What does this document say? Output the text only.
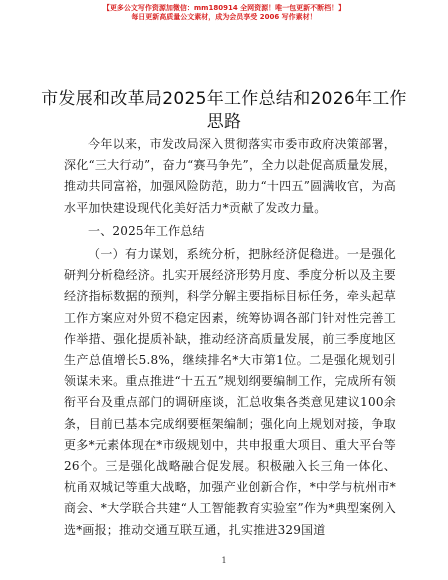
【更多公文写作资源加微信：mm180914 全网资源！唯一包更新不断档！】
每日更新高质量公文素材，成为会员享受 2006 写作素材！
市发展和改革局2025年工作总结和2026年工作思路

今年以来，市发改局深入贯彻落实市委市政府决策部署，深化“三大行动”，奋力“赛马争先”，全力以赴促高质量发展，推动共同富裕，加强风险防范，助力“十四五”圆满收官，为高水平加快建设现代化美好活力*贡献了发改力量。

一、2025年工作总结

（一）有力谋划，系统分析，把脉经济促稳进。一是强化研判分析稳经济。扎实开展经济形势月度、季度分析以及主要经济指标数据的预判，科学分解主要指标目标任务，牵头起草工作方案应对外贸不稳定因素，统筹协调各部门针对性完善工作举措、强化提质补缺，推动经济高质量发展，前三季度地区生产总值增长5.8%，继续排名*大市第1位。二是强化规划引领谋未来。重点推进“十五五”规划纲要编制工作，完成所有领衔平台及重点部门的调研座谈，汇总收集各类意见建议100余条，目前已基本完成纲要框架编制；强化向上规划对接，争取更多*元素体现在*市级规划中，共申报重大项目、重大平台等26个。三是强化战略融合促发展。积极融入长三角一体化、杭甬双城记等重大战略，加强产业创新合作，*中学与杭州市*商会、*大学联合共建“人工智能教育实验室”作为*典型案例入选*画报；推动交通互联互通，扎实推进329国道

1
